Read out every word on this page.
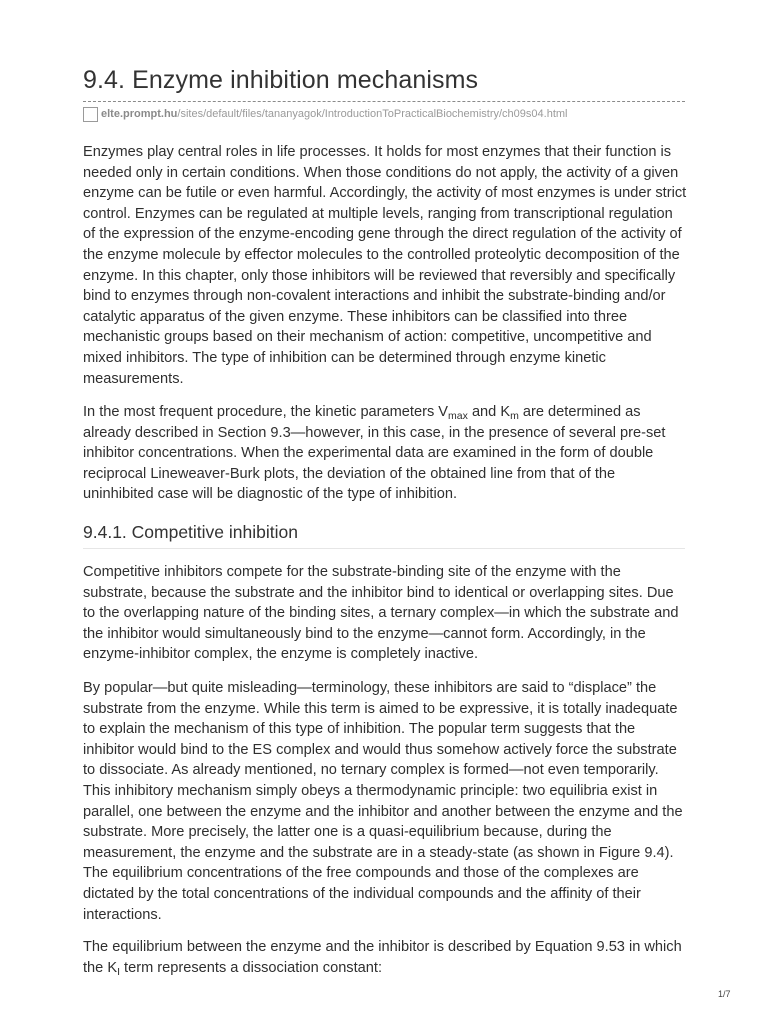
9.4. Enzyme inhibition mechanisms
elte.prompt.hu /sites/default/files/tananyagok/IntroductionToPracticalBiochemistry/ch09s04.html

Enzymes play central roles in life processes. It holds for most enzymes that their function is needed only in certain conditions. When those conditions do not apply, the activity of a given enzyme can be futile or even harmful. Accordingly, the activity of most enzymes is under strict control. Enzymes can be regulated at multiple levels, ranging from transcriptional regulation of the expression of the enzyme-encoding gene through the direct regulation of the activity of the enzyme molecule by effector molecules to the controlled proteolytic decomposition of the enzyme. In this chapter, only those inhibitors will be reviewed that reversibly and specifically bind to enzymes through non-covalent interactions and inhibit the substrate-binding and/or catalytic apparatus of the given enzyme. These inhibitors can be classified into three mechanistic groups based on their mechanism of action: competitive, uncompetitive and mixed inhibitors. The type of inhibition can be determined through enzyme kinetic measurements.

In the most frequent procedure, the kinetic parameters $V_{max}$ and $K_m$ are determined as already described in Section 9.3—however, in this case, in the presence of several pre-set inhibitor concentrations. When the experimental data are examined in the form of double reciprocal Lineweaver-Burk plots, the deviation of the obtained line from that of the uninhibited case will be diagnostic of the type of inhibition.

9.4.1. Competitive inhibition

Competitive inhibitors compete for the substrate-binding site of the enzyme with the substrate, because the substrate and the inhibitor bind to identical or overlapping sites. Due to the overlapping nature of the binding sites, a ternary complex—in which the substrate and the inhibitor would simultaneously bind to the enzyme—cannot form. Accordingly, in the enzyme-inhibitor complex, the enzyme is completely inactive.

By popular—but quite misleading—terminology, these inhibitors are said to “displace” the substrate from the enzyme. While this term is aimed to be expressive, it is totally inadequate to explain the mechanism of this type of inhibition. The popular term suggests that the inhibitor would bind to the ES complex and would thus somehow actively force the substrate to dissociate. As already mentioned, no ternary complex is formed—not even temporarily. This inhibitory mechanism simply obeys a thermodynamic principle: two equilibria exist in parallel, one between the enzyme and the inhibitor and another between the enzyme and the substrate. More precisely, the latter one is a quasi-equilibrium because, during the measurement, the enzyme and the substrate are in a steady-state (as shown in Figure 9.4). The equilibrium concentrations of the free compounds and those of the complexes are dictated by the total concentrations of the individual compounds and the affinity of their interactions.

The equilibrium between the enzyme and the inhibitor is described by Equation 9.53 in which the $K_I$ term represents a dissociation constant:

1/7
